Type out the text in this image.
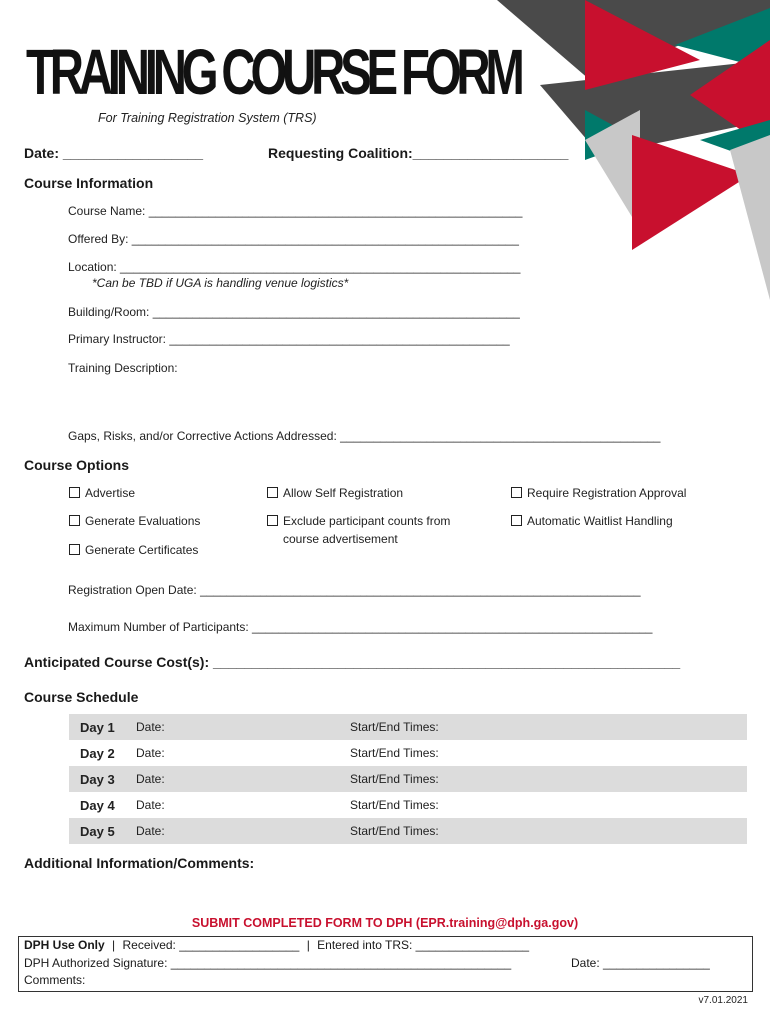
TRAINING COURSE FORM
For Training Registration System (TRS)
Date: __________________	Requesting Coalition:____________________
Course Information
Course Name: ________________________________________________________
Offered By: __________________________________________________________
Location: ____________________________________________________________
*Can be TBD if UGA is handling venue logistics*
Building/Room: _______________________________________________________
Primary Instructor: ___________________________________________________
Training Description:
Gaps, Risks, and/or Corrective Actions Addressed: ________________________________________________
Course Options
Advertise	Allow Self Registration	Require Registration Approval
Generate Evaluations	Exclude participant counts from
course advertisement
Automatic Waitlist Handling
Generate Certificates
Registration Open Date: __________________________________________________________________
Maximum Number of Participants: ____________________________________________________________
Anticipated Course Cost(s): ____________________________________________________________
Course Schedule
Day 1	Date:	Start/End Times:
Day 2	Date:	Start/End Times:
Day 3	Date:	Start/End Times:
Day 4	Date:	Start/End Times:
Day 5	Date:	Start/End Times:
Additional Information/Comments:
SUBMIT COMPLETED FORM TO DPH (EPR.training@dph.ga.gov)
DPH Use Only | Received: __________________ | Entered into TRS: _________________
DPH Authorized Signature: ___________________________________________________	Date: ________________
Comments:
v7.01.2021
